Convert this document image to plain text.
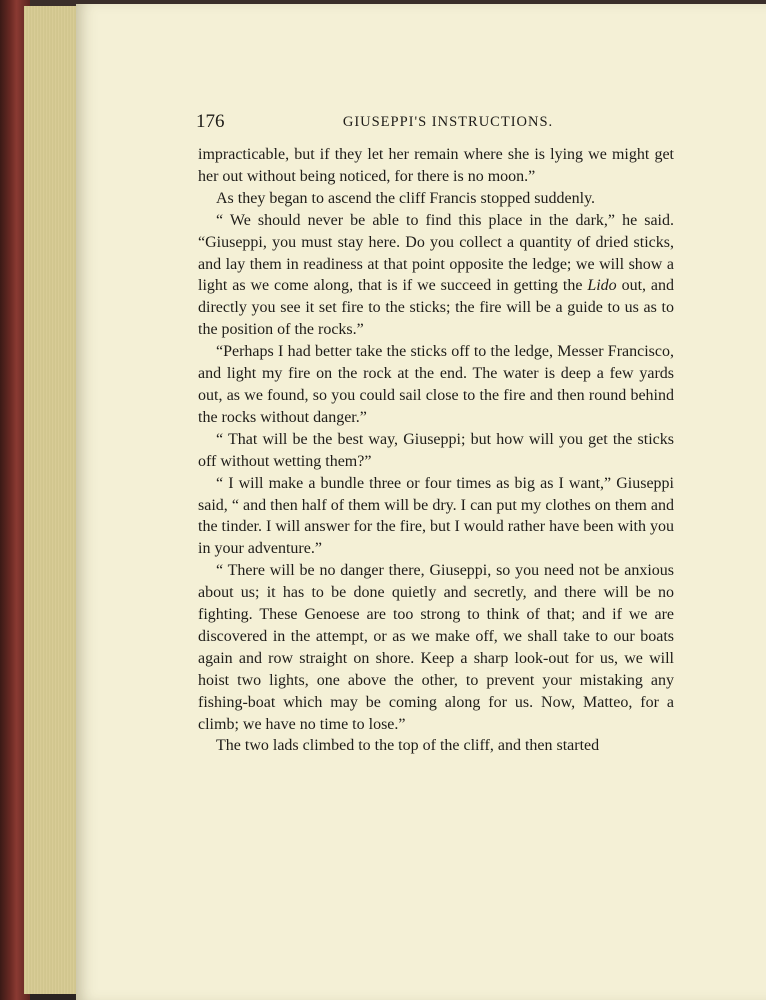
176	GIUSEPPI'S INSTRUCTIONS.

impracticable, but if they let her remain where she is lying we might get her out without being noticed, for there is no moon.”

As they began to ascend the cliff Francis stopped suddenly.

“ We should never be able to find this place in the dark,” he said. “Giuseppi, you must stay here. Do you collect a quantity of dried sticks, and lay them in readiness at that point opposite the ledge; we will show a light as we come along, that is if we succeed in getting the Lido out, and directly you see it set fire to the sticks; the fire will be a guide to us as to the position of the rocks.”

“Perhaps I had better take the sticks off to the ledge, Messer Francisco, and light my fire on the rock at the end. The water is deep a few yards out, as we found, so you could sail close to the fire and then round behind the rocks without danger.”

“ That will be the best way, Giuseppi; but how will you get the sticks off without wetting them?”

“ I will make a bundle three or four times as big as I want,” Giuseppi said, “ and then half of them will be dry. I can put my clothes on them and the tinder. I will answer for the fire, but I would rather have been with you in your adventure.”

“ There will be no danger there, Giuseppi, so you need not be anxious about us; it has to be done quietly and secretly, and there will be no fighting. These Genoese are too strong to think of that; and if we are discovered in the attempt, or as we make off, we shall take to our boats again and row straight on shore. Keep a sharp look-out for us, we will hoist two lights, one above the other, to prevent your mistaking any fishing-boat which may be coming along for us. Now, Matteo, for a climb; we have no time to lose.”

The two lads climbed to the top of the cliff, and then started
